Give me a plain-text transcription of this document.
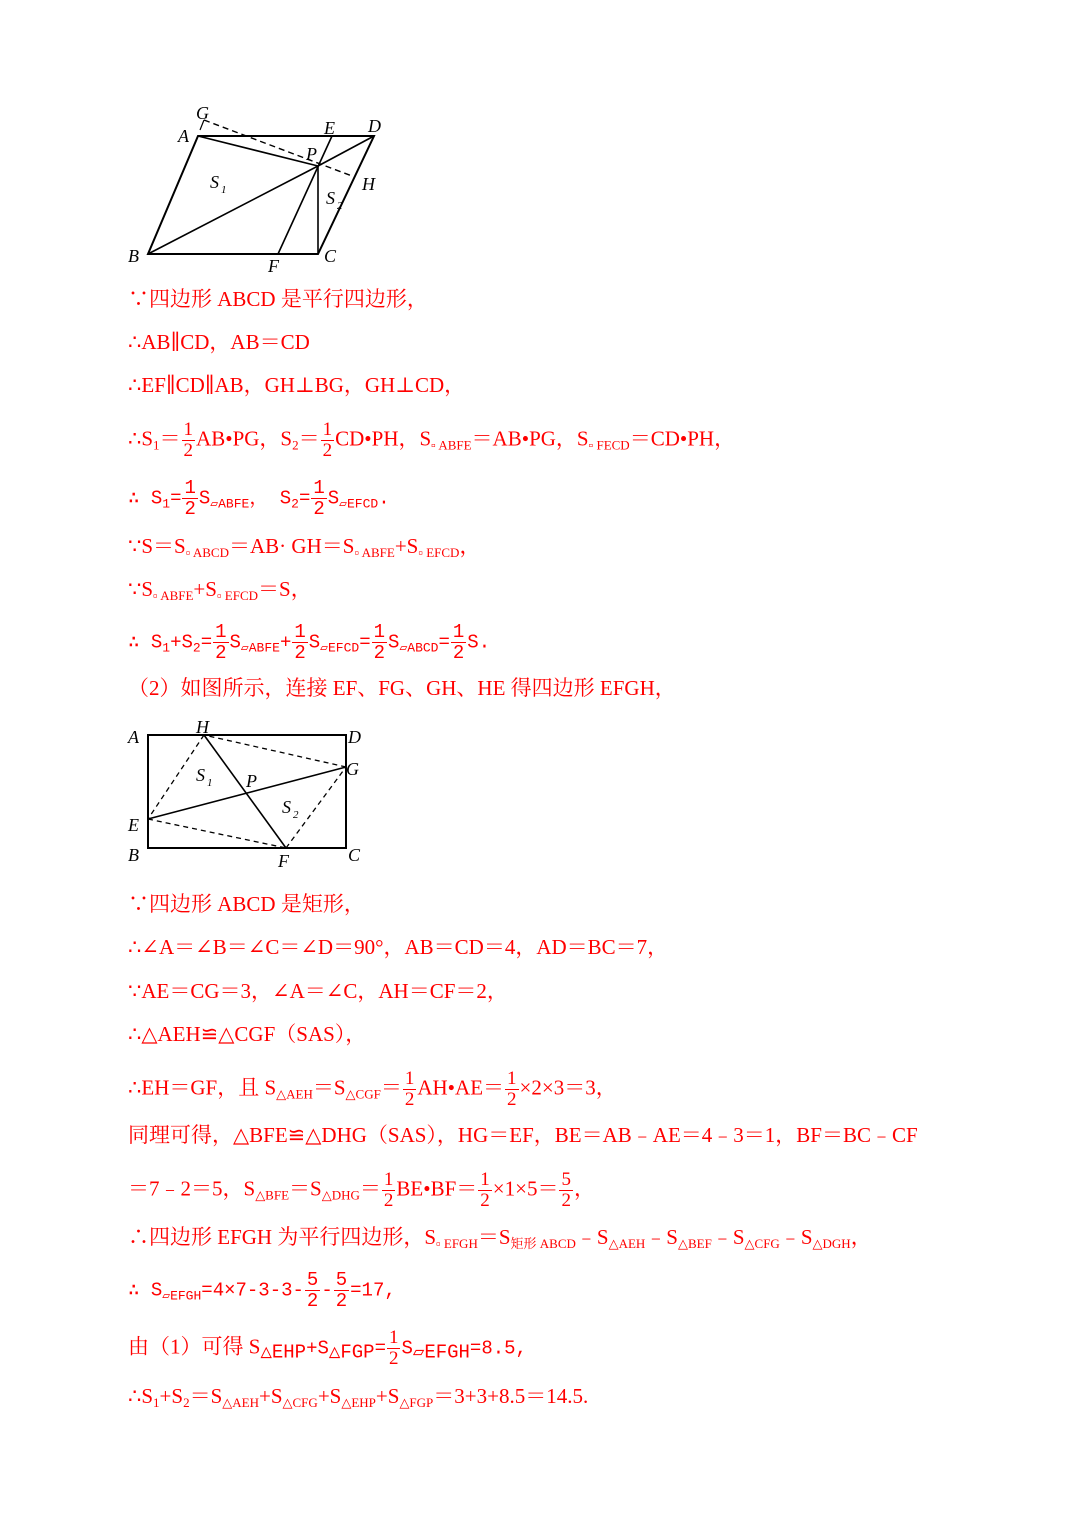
G
A	E D
P
H
S 1	S 2
B	F	C
∵四边形 ABCD 是平行四边形，
∴AB∥CD，AB＝CD
∴EF∥CD∥AB，GH⊥BG，GH⊥CD，
$\therefore S_1= \frac{1}{2}$ AB•PG，$S_2= \frac{1}{2}$ CD•PH，$S_{▫ ABFE}=AB•PG$，$S_{▫ FECD}=CD•PH$，
∴ $S_1= \frac{1}{2} S_{▱ABFE}$， $S_2= \frac{1}{2} S_{▱EFCD}$.
$\because S=S_{▫ ABCD}=AB\cdot GH=S_{▫ ABFE}+S_{▫ EFCD}$，
$\because S_{▫ ABFE}+S_{▫ EFCD}=S$，
∴ $S_1+S_2= \frac{1}{2} S_{▱ABFE}+ \frac{1}{2} S_{▱EFCD}= \frac{1}{2} S_{▱ABCD}= \frac{1}{2} S$.
（2）如图所示，连接 EF、FG、GH、HE 得四边形 EFGH，
A	H	D
G
P
S 1
S 2
E
B	F	C
∵四边形 ABCD 是矩形，
∴∠A＝∠B＝∠C＝∠D＝90°，AB＝CD＝4，AD＝BC＝7，
∵AE＝CG＝3，∠A＝∠C，AH＝CF＝2，
∴△AEH≌△CGF（SAS），
∴EH＝GF，且 $S_{\triangle AEH}=S_{\triangle CGF}= \frac{1}{2}$ AH•AE＝ $\frac{1}{2} \times 2\times 3=3$，
同理可得，△BFE≌△DHG（SAS），HG＝EF，BE＝AB﹣AE＝4﹣3＝1，BF＝BC﹣CF
＝7﹣2＝5，$S_{\triangle BFE}=S_{\triangle DHG}= \frac{1}{2}$ BE•BF＝ $\frac{1}{2} \times 1\times 5= \frac{5}{2}$ ，
∴四边形 EFGH 为平行四边形，$S_{▫ EFGH}=S_{矩形 ABCD}﹣S_{\triangle AEH}﹣S_{\triangle BEF}﹣S_{\triangle CFG}﹣S_{\triangle DGH}$，
∴ $S_{▱EFGH}=4\times 7-3-3- \frac{5}{2} - \frac{5}{2} =17$,
由（1）可得 S△EHP+S△FGP= $\frac{1}{2}$ S▱EFGH=8.5,
$\therefore S_1+S_2=S_{\triangle AEH}+S_{\triangle CFG}+S_{\triangle EHP}+S_{\triangle FGP}=3+3+8.5=14.5$.
